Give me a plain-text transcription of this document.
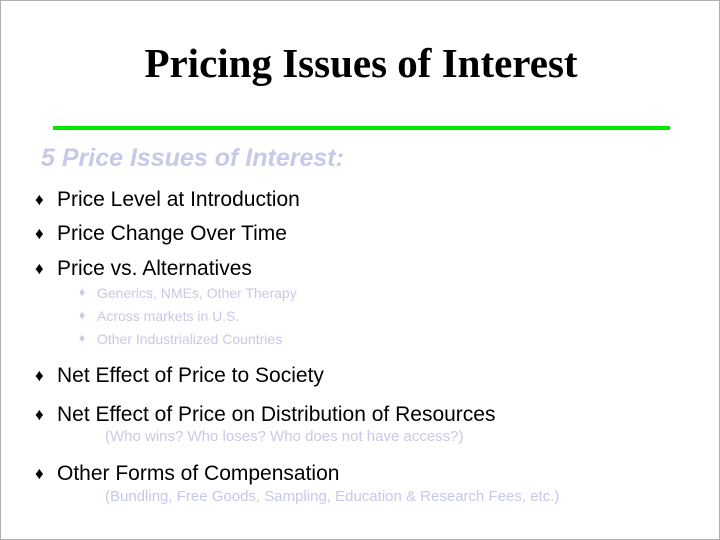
Pricing Issues of Interest
5 Price Issues of Interest:
♦ Price Level at Introduction
♦ Price Change Over Time
♦ Price vs. Alternatives
♦ Generics, NMEs, Other Therapy
♦ Across markets in U.S.
♦ Other Industrialized Countries
♦ Net Effect of Price to Society
♦ Net Effect of Price on Distribution of Resources
(Who wins? Who loses? Who does not have access?)
♦ Other Forms of Compensation
(Bundling, Free Goods, Sampling, Education & Research Fees, etc.)
